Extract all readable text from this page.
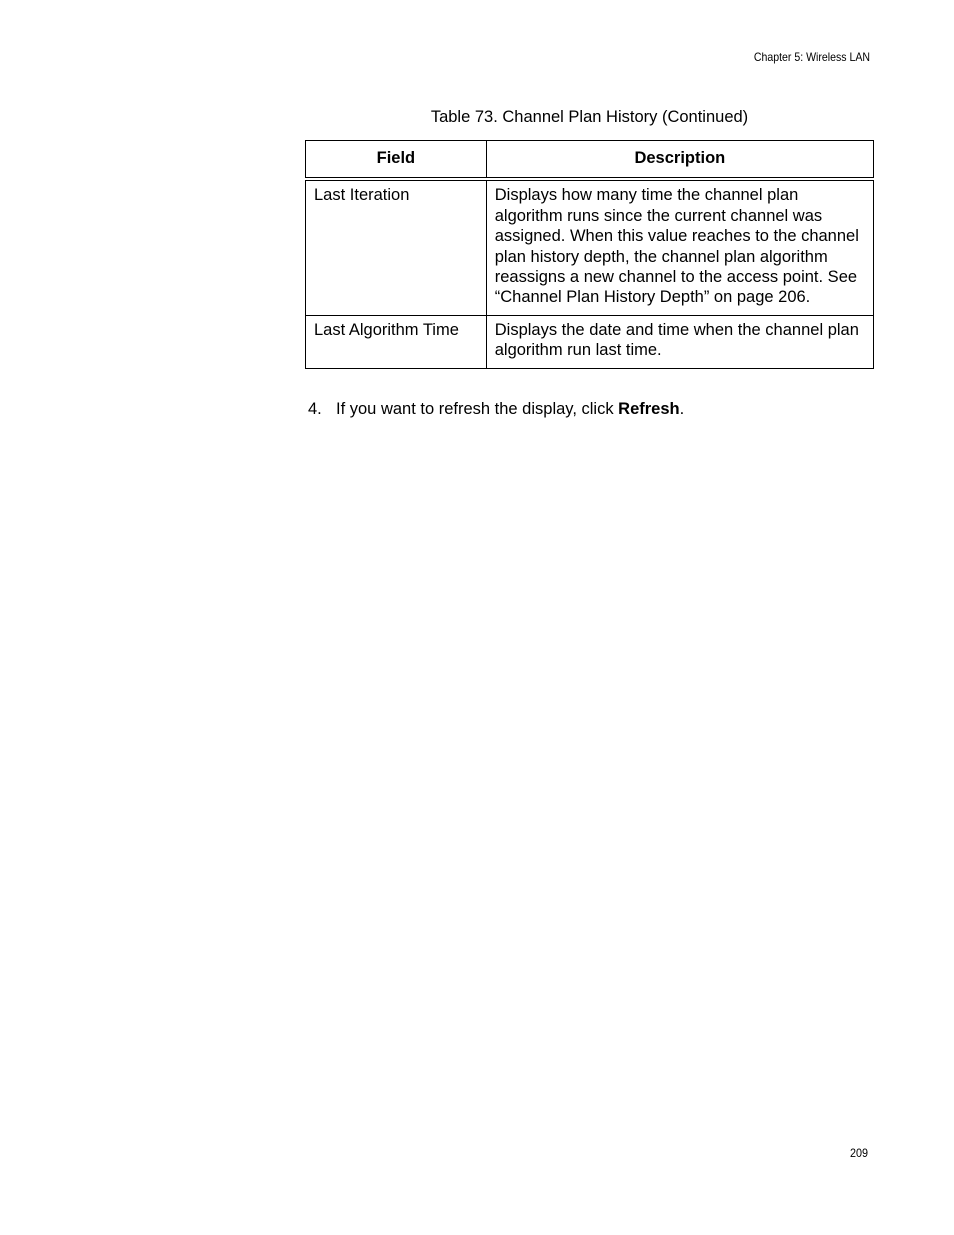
Chapter 5: Wireless LAN
Table 73. Channel Plan History (Continued)
Field	Description
Last Iteration	Displays how many time the channel plan algorithm runs since the current channel was assigned. When this value reaches to the channel plan history depth, the channel plan algorithm reassigns a new channel to the access point. See “Channel Plan History Depth” on page 206.
Last Algorithm Time	Displays the date and time when the channel plan algorithm run last time.
4. If you want to refresh the display, click Refresh.
209
